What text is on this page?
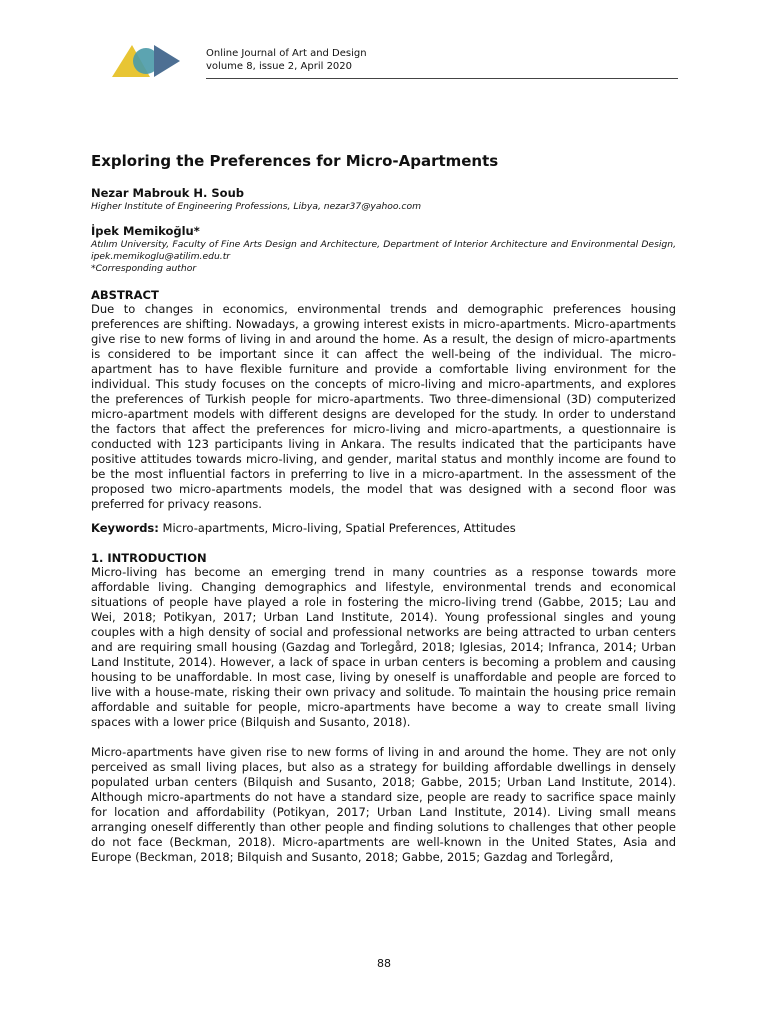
Online Journal of Art and Design
volume 8, issue 2, April 2020
Exploring the Preferences for Micro-Apartments
Nezar Mabrouk H. Soub
Higher Institute of Engineering Professions, Libya, nezar37@yahoo.com
İpek Memikoğlu*
Atılım University, Faculty of Fine Arts Design and Architecture, Department of Interior Architecture and Environmental Design, ipek.memikoglu@atilim.edu.tr
*Corresponding author
ABSTRACT

Due to changes in economics, environmental trends and demographic preferences housing preferences are shifting. Nowadays, a growing interest exists in micro-apartments. Micro-apartments give rise to new forms of living in and around the home. As a result, the design of micro-apartments is considered to be important since it can affect the well-being of the individual. The micro-apartment has to have flexible furniture and provide a comfortable living environment for the individual. This study focuses on the concepts of micro-living and micro-apartments, and explores the preferences of Turkish people for micro-apartments. Two three-dimensional (3D) computerized micro-apartment models with different designs are developed for the study. In order to understand the factors that affect the preferences for micro-living and micro-apartments, a questionnaire is conducted with 123 participants living in Ankara. The results indicated that the participants have positive attitudes towards micro-living, and gender, marital status and monthly income are found to be the most influential factors in preferring to live in a micro-apartment. In the assessment of the proposed two micro-apartments models, the model that was designed with a second floor was preferred for privacy reasons.

Keywords: Micro-apartments, Micro-living, Spatial Preferences, Attitudes
1. INTRODUCTION

Micro-living has become an emerging trend in many countries as a response towards more affordable living. Changing demographics and lifestyle, environmental trends and economical situations of people have played a role in fostering the micro-living trend (Gabbe, 2015; Lau and Wei, 2018; Potikyan, 2017; Urban Land Institute, 2014). Young professional singles and young couples with a high density of social and professional networks are being attracted to urban centers and are requiring small housing (Gazdag and Torlegård, 2018; Iglesias, 2014; Infranca, 2014; Urban Land Institute, 2014). However, a lack of space in urban centers is becoming a problem and causing housing to be unaffordable. In most case, living by oneself is unaffordable and people are forced to live with a house-mate, risking their own privacy and solitude. To maintain the housing price remain affordable and suitable for people, micro-apartments have become a way to create small living spaces with a lower price (Bilquish and Susanto, 2018).

Micro-apartments have given rise to new forms of living in and around the home. They are not only perceived as small living places, but also as a strategy for building affordable dwellings in densely populated urban centers (Bilquish and Susanto, 2018; Gabbe, 2015; Urban Land Institute, 2014). Although micro-apartments do not have a standard size, people are ready to sacrifice space mainly for location and affordability (Potikyan, 2017; Urban Land Institute, 2014). Living small means arranging oneself differently than other people and finding solutions to challenges that other people do not face (Beckman, 2018). Micro-apartments are well-known in the United States, Asia and Europe (Beckman, 2018; Bilquish and Susanto, 2018; Gabbe, 2015; Gazdag and Torlegård,

88
